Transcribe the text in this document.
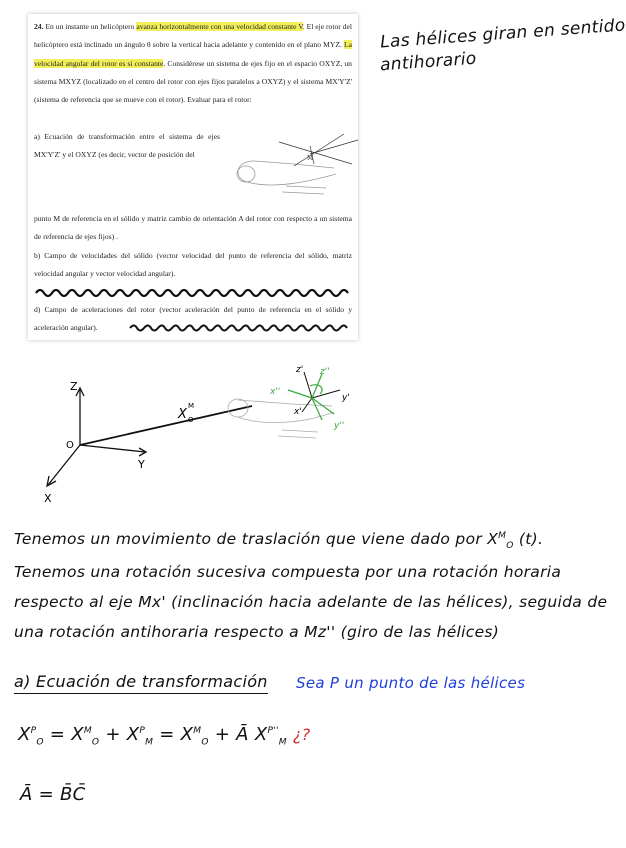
24. En un instante un helicóptero avanza horizontalmente con una velocidad constante V. El eje rotor del helicóptero está inclinado un ángulo θ sobre la vertical hacia adelante y contenido en el plano MYZ. La velocidad angular del rotor es si constante. Considérese un sistema de ejes fijo en el espacio OXYZ, un sistema MXYZ (localizado en el centro del rotor con ejes fijos paralelos a OXYZ) y el sistema MX'Y'Z' (sistema de referencia que se mueve con el rotor). Evaluar para el rotor:
a) Ecuación de transformación entre el sistema de ejes MX'Y'Z' y el OXYZ (es decir, vector de posición del	M
punto M de referencia en el sólido y matriz cambio de orientación A del rotor con respecto a un sistema de referencia de ejes fijos) .
b) Campo de velocidades del sólido (vector velocidad del punto de referencia del sólido, matriz velocidad angular y vector velocidad angular).
d) Campo de aceleraciones del rotor (vector aceleración del punto de referencia en el sólido y aceleración angular).
Las hélices giran en sentido
antihorario
Z
O
Y
X
X
M
O
z' z''
x''
y''
x'
y'
Tenemos un movimiento de traslación que viene dado por $X^M_O$ (t).
Tenemos una rotación sucesiva compuesta por una rotación horaria
respecto al eje Mx' (inclinación hacia adelante de las hélices), seguida de
una rotación antihoraria respecto a Mz'' (giro de las hélices)
a) Ecuación de transformación Sea P un punto de las hélices
$X^P_O = X^M_O + X^P_M = X^M_O$ + Ā $X^{P''}_M$ ¿?
Ā = B̄C̄
